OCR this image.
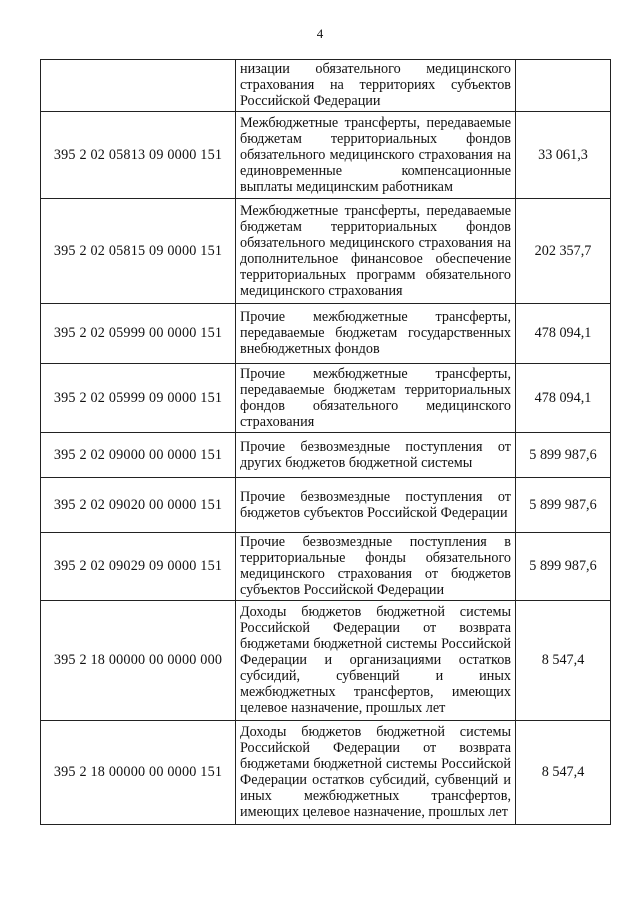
4
	низации обязательного медицинского страхования на территориях субъектов Российской Федерации	
395 2 02 05813 09 0000 151	Межбюджетные трансферты, передаваемые бюджетам территориальных фондов обязательного медицинского страхования на единовременные компенсационные выплаты медицинским работникам	33 061,3
395 2 02 05815 09 0000 151	Межбюджетные трансферты, передаваемые бюджетам территориальных фондов обязательного медицинского страхования на дополнительное финансовое обеспечение территориальных программ обязательного медицинского страхования	202 357,7
395 2 02 05999 00 0000 151	Прочие межбюджетные трансферты, передаваемые бюджетам государственных внебюджетных фондов	478 094,1
395 2 02 05999 09 0000 151	Прочие межбюджетные трансферты, передаваемые бюджетам территориальных фондов обязательного медицинского страхования	478 094,1
395 2 02 09000 00 0000 151	Прочие безвозмездные поступления от других бюджетов бюджетной системы	5 899 987,6
395 2 02 09020 00 0000 151	Прочие безвозмездные поступления от бюджетов субъектов Российской Федерации	5 899 987,6
395 2 02 09029 09 0000 151	Прочие безвозмездные поступления в территориальные фонды обязательного медицинского страхования от бюджетов субъектов Российской Федерации	5 899 987,6
395 2 18 00000 00 0000 000	Доходы бюджетов бюджетной системы Российской Федерации от возврата бюджетами бюджетной системы Российской Федерации и организациями остатков субсидий, субвенций и иных межбюджетных трансфертов, имеющих целевое назначение, прошлых лет	8 547,4
395 2 18 00000 00 0000 151	Доходы бюджетов бюджетной системы Российской Федерации от возврата бюджетами бюджетной системы Российской Федерации остатков субсидий, субвенций и иных межбюджетных трансфертов, имеющих целевое назначение, прошлых лет	8 547,4
